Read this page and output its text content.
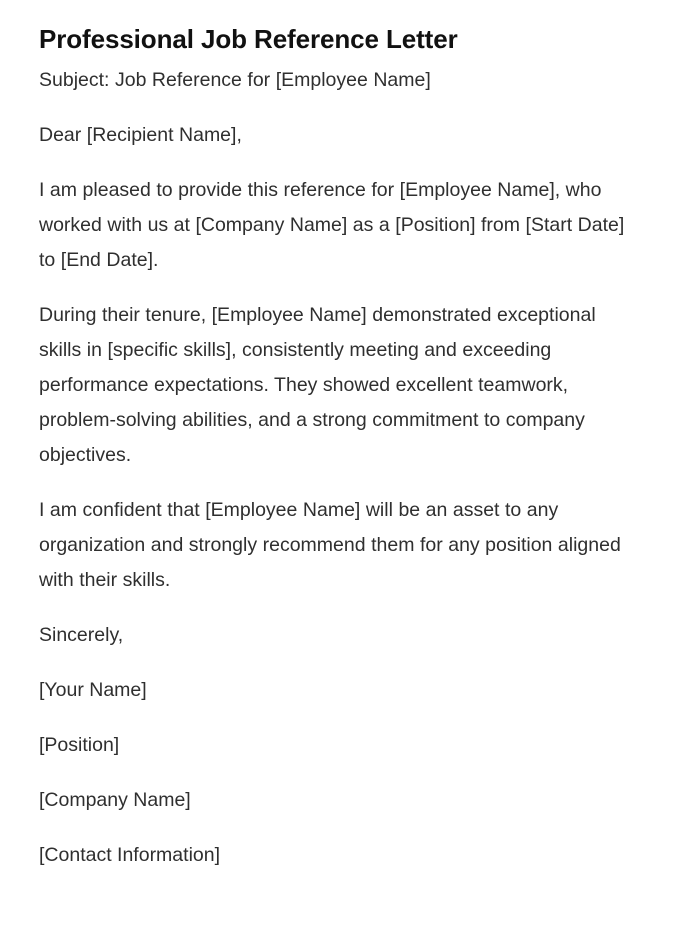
Professional Job Reference Letter

Subject: Job Reference for [Employee Name]

Dear [Recipient Name],

I am pleased to provide this reference for [Employee Name], who worked with us at [Company Name] as a [Position] from [Start Date] to [End Date].

During their tenure, [Employee Name] demonstrated exceptional skills in [specific skills], consistently meeting and exceeding performance expectations. They showed excellent teamwork, problem-solving abilities, and a strong commitment to company objectives.

I am confident that [Employee Name] will be an asset to any organization and strongly recommend them for any position aligned with their skills.

Sincerely,

[Your Name]

[Position]

[Company Name]

[Contact Information]
